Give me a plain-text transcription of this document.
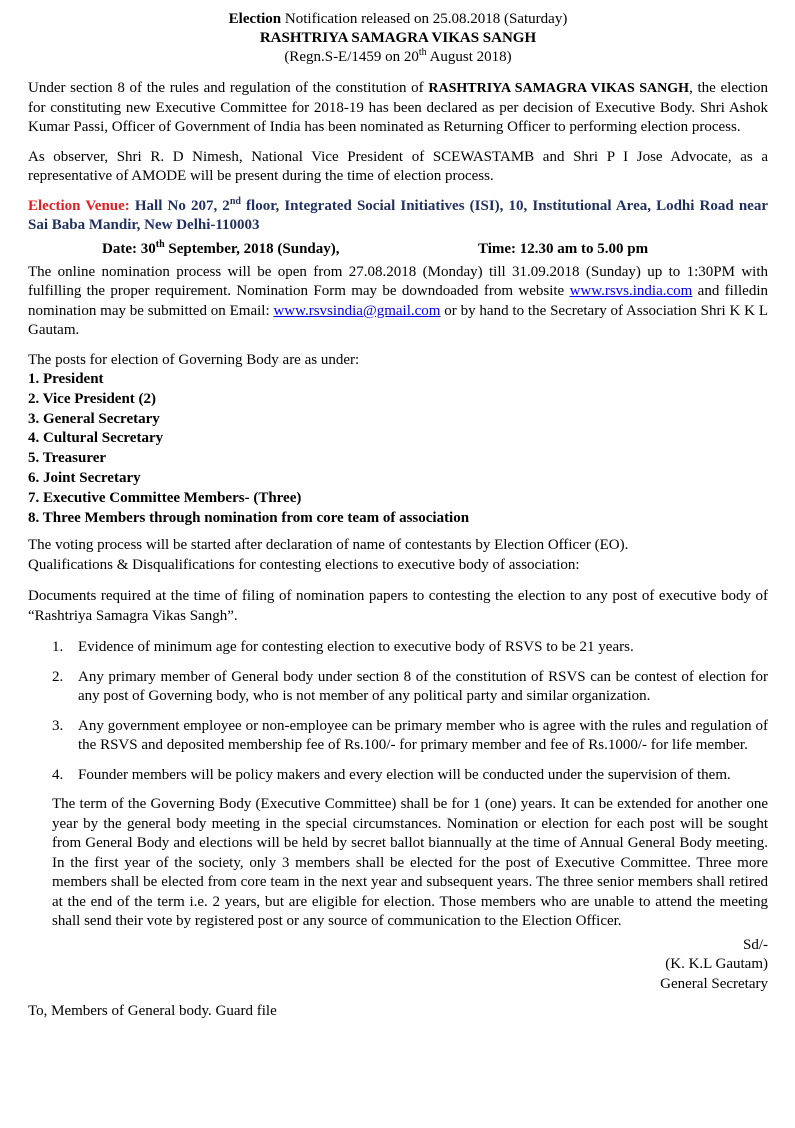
Election Notification released on 25.08.2018 (Saturday)
RASHTRIYA SAMAGRA VIKAS SANGH
(Regn.S-E/1459 on 20th August 2018)

Under section 8 of the rules and regulation of the constitution of RASHTRIYA SAMAGRA VIKAS SANGH, the election for constituting new Executive Committee for 2018-19 has been declared as per decision of Executive Body. Shri Ashok Kumar Passi, Officer of Government of India has been nominated as Returning Officer to performing election process.

As observer, Shri R. D Nimesh, National Vice President of SCEWASTAMB and Shri P I Jose Advocate, as a representative of AMODE will be present during the time of election process.

Election Venue: Hall No 207, 2nd floor, Integrated Social Initiatives (ISI), 10, Institutional Area, Lodhi Road near Sai Baba Mandir, New Delhi-110003

Date: 30th September, 2018 (Sunday),	Time: 12.30 am to 5.00 pm

The online nomination process will be open from 27.08.2018 (Monday) till 31.09.2018 (Sunday) up to 1:30PM with fulfilling the proper requirement. Nomination Form may be downdoaded from website www.rsvs.india.com and filledin nomination may be submitted on Email: www.rsvsindia@gmail.com or by hand to the Secretary of Association Shri K K L Gautam.

The posts for election of Governing Body are as under:

1. President
2. Vice President (2)
3. General Secretary
4. Cultural Secretary
5. Treasurer
6. Joint Secretary
7. Executive Committee Members- (Three)
8. Three Members through nomination from core team of association

The voting process will be started after declaration of name of contestants by Election Officer (EO).

Qualifications & Disqualifications for contesting elections to executive body of association:

Documents required at the time of filing of nomination papers to contesting the election to any post of executive body of “Rashtriya Samagra Vikas Sangh”.

1. Evidence of minimum age for contesting election to executive body of RSVS to be 21 years.
2. Any primary member of General body under section 8 of the constitution of RSVS can be contest of election for any post of Governing body, who is not member of any political party and similar organization.
3. Any government employee or non-employee can be primary member who is agree with the rules and regulation of the RSVS and deposited membership fee of Rs.100/- for primary member and fee of Rs.1000/- for life member.
4. Founder members will be policy makers and every election will be conducted under the supervision of them.

The term of the Governing Body (Executive Committee) shall be for 1 (one) years. It can be extended for another one year by the general body meeting in the special circumstances. Nomination or election for each post will be sought from General Body and elections will be held by secret ballot biannually at the time of Annual General Body meeting. In the first year of the society, only 3 members shall be elected for the post of Executive Committee. Three more members shall be elected from core team in the next year and subsequent years. The three senior members shall retired at the end of the term i.e. 2 years, but are eligible for election. Those members who are unable to attend the meeting shall send their vote by registered post or any source of communication to the Election Officer.

Sd/-
(K. K.L Gautam)
General Secretary

To, Members of General body. Guard file
